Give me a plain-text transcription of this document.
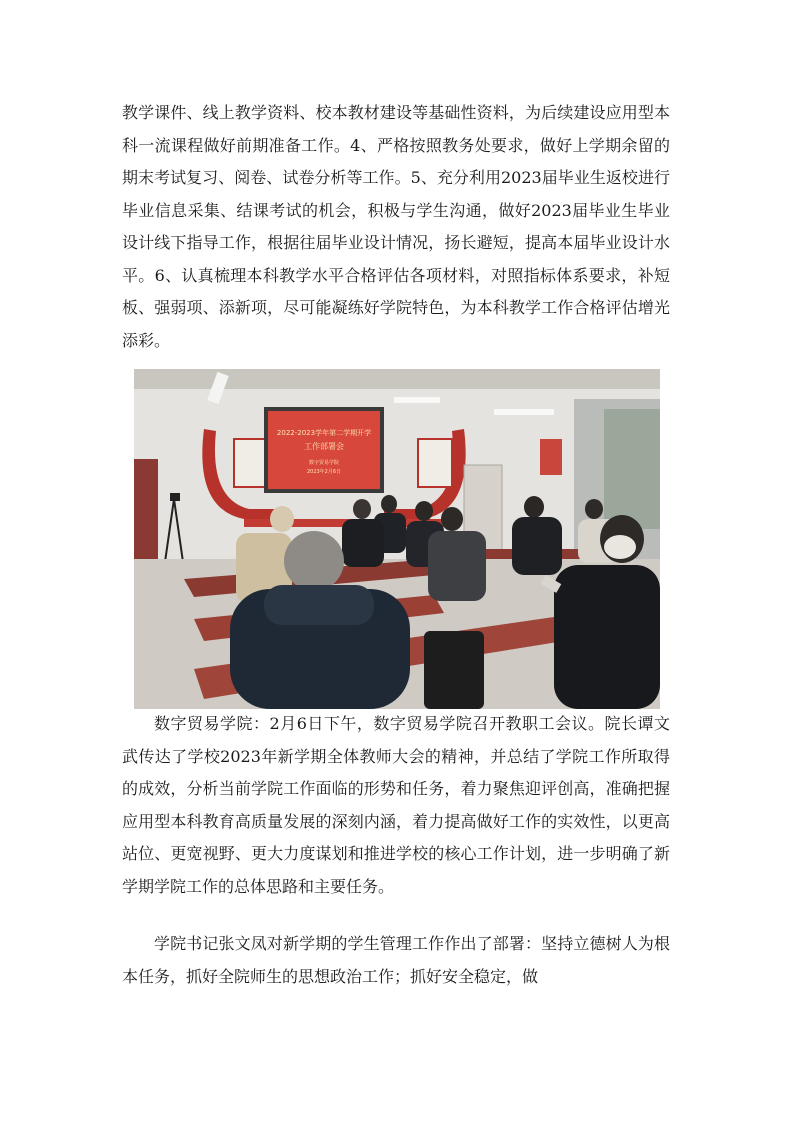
教学课件、线上教学资料、校本教材建设等基础性资料，为后续建设应用型本科一流课程做好前期准备工作。4、严格按照教务处要求，做好上学期余留的期末考试复习、阅卷、试卷分析等工作。5、充分利用2023届毕业生返校进行毕业信息采集、结课考试的机会，积极与学生沟通，做好2023届毕业生毕业设计线下指导工作，根据往届毕业设计情况，扬长避短，提高本届毕业设计水平。6、认真梳理本科教学水平合格评估各项材料，对照指标体系要求，补短板、强弱项、添新项，尽可能凝练好学院特色，为本科教学工作合格评估增光添彩。

2022-2023学年第二学期开学
工作部署会
数字贸易学院
2023年2月6日

数字贸易学院：2月6日下午，数字贸易学院召开教职工会议。院长谭文武传达了学校2023年新学期全体教师大会的精神，并总结了学院工作所取得的成效，分析当前学院工作面临的形势和任务，着力聚焦迎评创高，准确把握应用型本科教育高质量发展的深刻内涵，着力提高做好工作的实效性，以更高站位、更宽视野、更大力度谋划和推进学校的核心工作计划，进一步明确了新学期学院工作的总体思路和主要任务。

学院书记张文凤对新学期的学生管理工作作出了部署：坚持立德树人为根本任务，抓好全院师生的思想政治工作；抓好安全稳定，做
